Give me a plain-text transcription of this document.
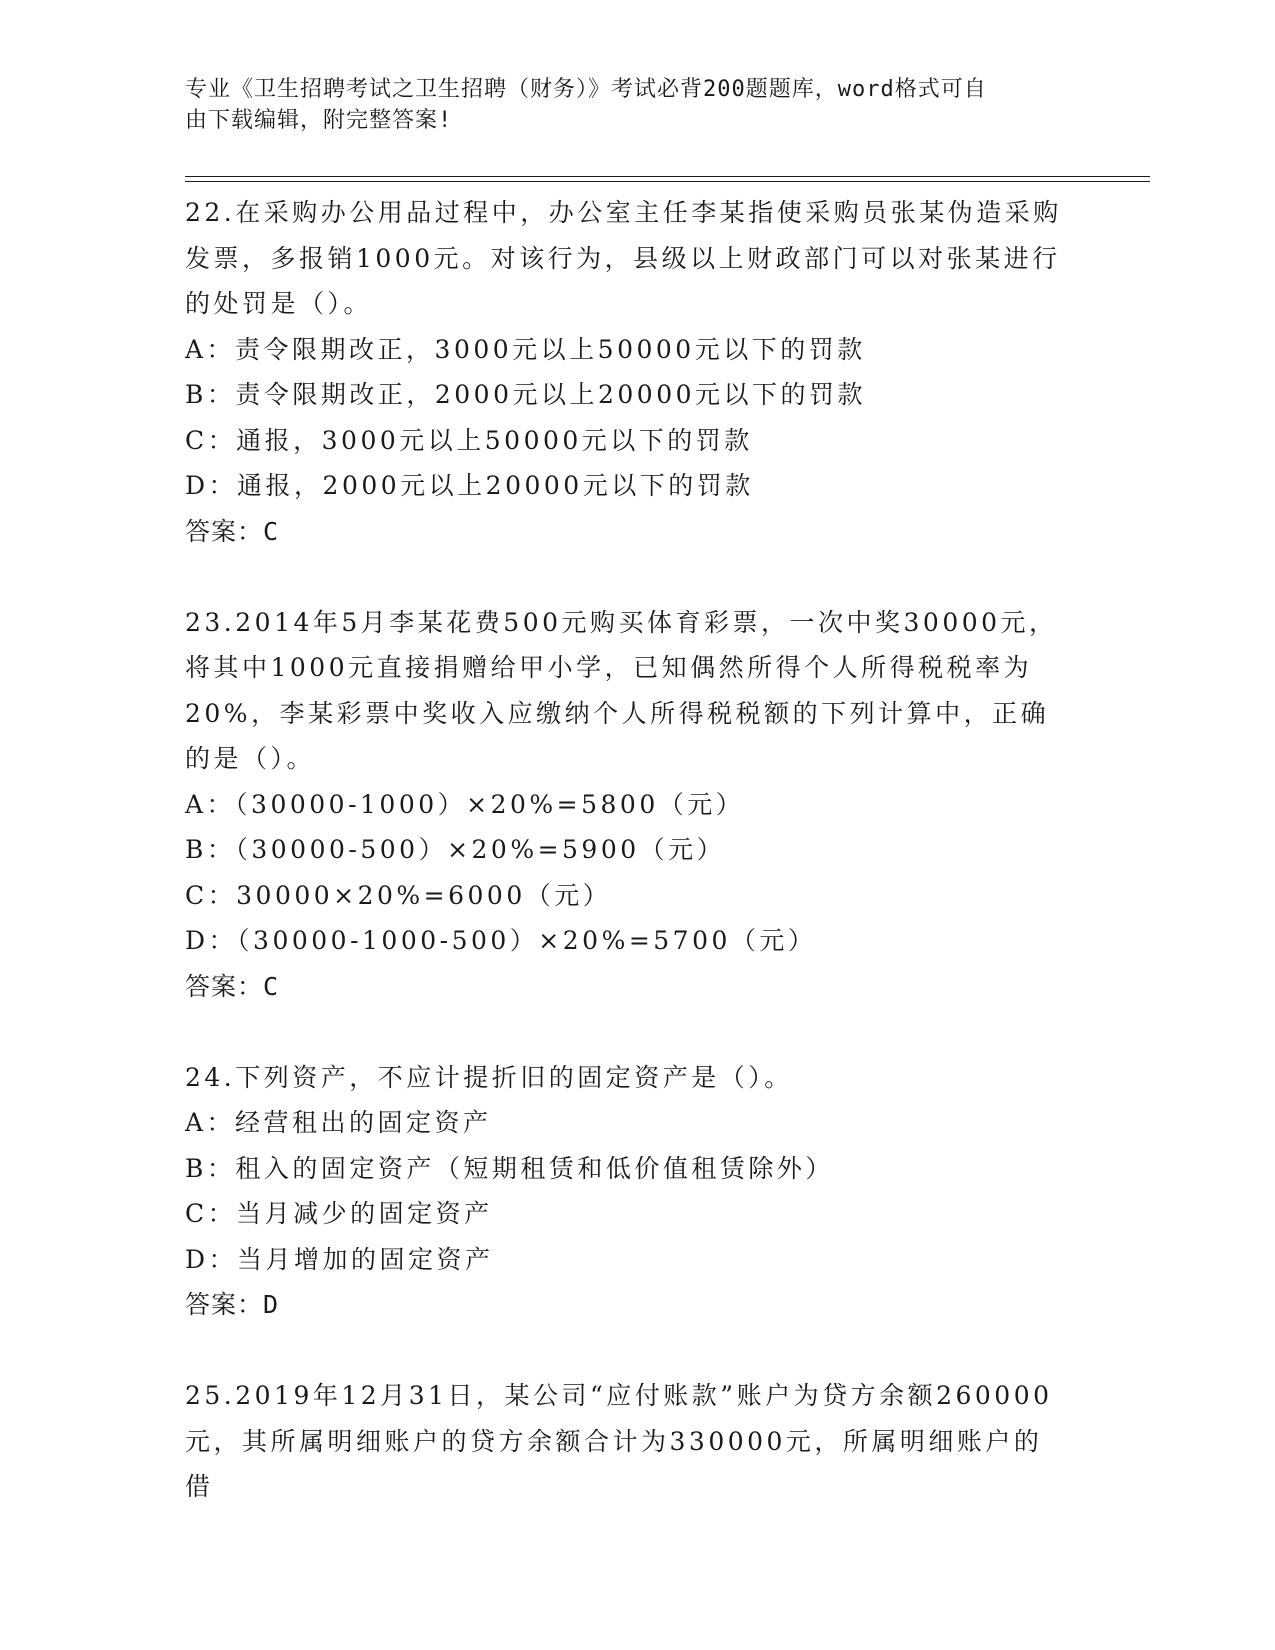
专业《卫生招聘考试之卫生招聘（财务）》考试必背200题题库，word格式可自
由下载编辑，附完整答案!
22.在采购办公用品过程中，办公室主任李某指使采购员张某伪造采购发票，多报销1000元。对该行为，县级以上财政部门可以对张某进行的处罚是（）。
A：责令限期改正，3000元以上50000元以下的罚款
B：责令限期改正，2000元以上20000元以下的罚款
C：通报，3000元以上50000元以下的罚款
D：通报，2000元以上20000元以下的罚款
答案：C
23.2014年5月李某花费500元购买体育彩票，一次中奖30000元，将其中1000元直接捐赠给甲小学，已知偶然所得个人所得税税率为20%，李某彩票中奖收入应缴纳个人所得税税额的下列计算中，正确的是（）。
A：（30000-1000）×20%=5800（元）
B：（30000-500）×20%=5900（元）
C：30000×20%=6000（元）
D：（30000-1000-500）×20%=5700（元）
答案：C
24.下列资产，不应计提折旧的固定资产是（）。
A：经营租出的固定资产
B：租入的固定资产（短期租赁和低价值租赁除外）
C：当月减少的固定资产
D：当月增加的固定资产
答案：D
25.2019年12月31日，某公司“应付账款”账户为贷方余额260000元，其所属明细账户的贷方余额合计为330000元，所属明细账户的借
